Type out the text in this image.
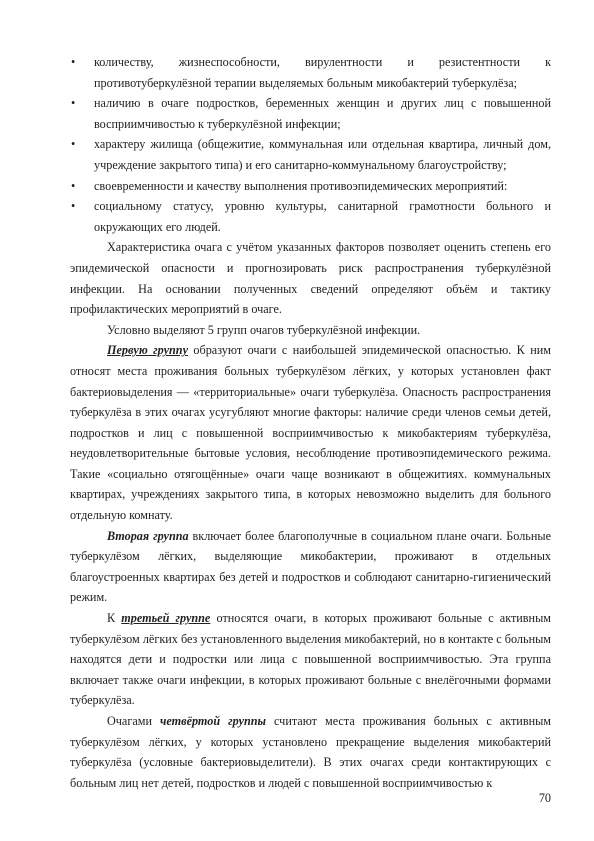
• количеству, жизнеспособности, вирулентности и резистентности к противотуберкулёзной терапии выделяемых больным микобактерий туберкулёза;
• наличию в очаге подростков, беременных женщин и других лиц с повышенной восприимчивостью к туберкулёзной инфекции;
• характеру жилища (общежитие, коммунальная или отдельная квартира, личный дом, учреждение закрытого типа) и его санитарно-коммунальному благоустройству;
• своевременности и качеству выполнения противоэпидемических мероприятий:
• социальному статусу, уровню культуры, санитарной грамотности больного и окружающих его людей.

Характеристика очага с учётом указанных факторов позволяет оценить степень его эпидемической опасности и прогнозировать риск распространения туберкулёзной инфекции. На основании полученных сведений определяют объём и тактику профилактических мероприятий в очаге.

Условно выделяют 5 групп очагов туберкулёзной инфекции.

Первую группу образуют очаги с наибольшей эпидемической опасностью. К ним относят места проживания больных туберкулёзом лёгких, у которых установлен факт бактериовыделения — «территориальные» очаги туберкулёза. Опасность распространения туберкулёза в этих очагах усугубляют многие факторы: наличие среди членов семьи детей, подростков и лиц с повышенной восприимчивостью к микобактериям туберкулёза, неудовлетворительные бытовые условия, несоблюдение противоэпидемического режима. Такие «социально отягощённые» очаги чаще возникают в общежитиях. коммунальных квартирах, учреждениях закрытого типа, в которых невозможно выделить для больного отдельную комнату.

Вторая группа включает более благополучные в социальном плане очаги. Больные туберкулёзом лёгких, выделяющие микобактерии, проживают в отдельных благоустроенных квартирах без детей и подростков и соблюдают санитарно-гигиенический режим.

К третьей группе относятся очаги, в которых проживают больные с активным туберкулёзом лёгких без установленного выделения микобактерий, но в контакте с больным находятся дети и подростки или лица с повышенной восприимчивостью. Эта группа включает также очаги инфекции, в которых проживают больные с внелёгочными формами туберкулёза.

Очагами четвёртой группы считают места проживания больных с активным туберкулёзом лёгких, у которых установлено прекращение выделения микобактерий туберкулёза (условные бактериовыделители). В этих очагах среди контактирующих с больным лиц нет детей, подростков и людей с повышенной восприимчивостью к

70
